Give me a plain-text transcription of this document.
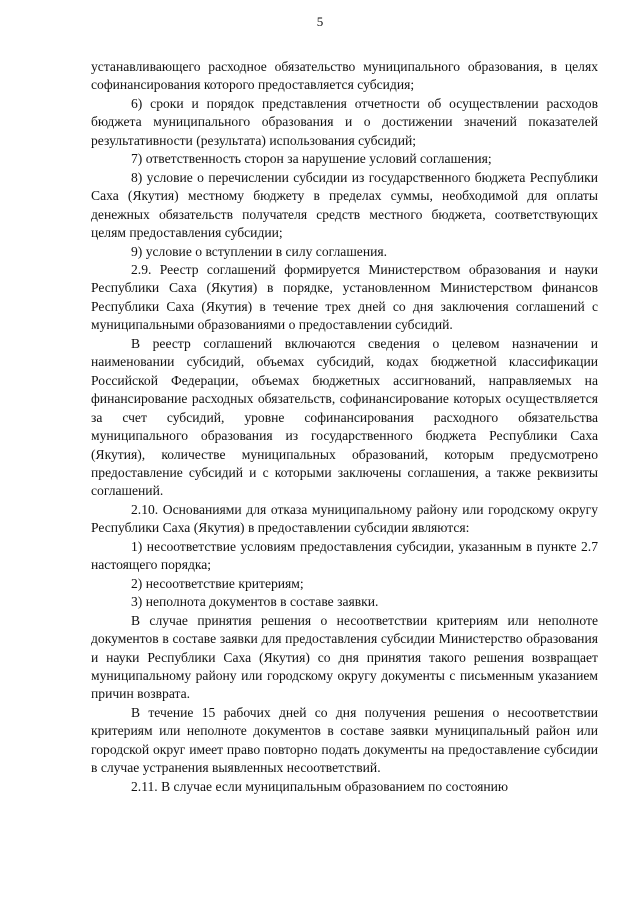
5

устанавливающего расходное обязательство муниципального образования, в целях софинансирования которого предоставляется субсидия;

6) сроки и порядок представления отчетности об осуществлении расходов бюджета муниципального образования и о достижении значений показателей результативности (результата) использования субсидий;

7) ответственность сторон за нарушение условий соглашения;

8) условие о перечислении субсидии из государственного бюджета Республики Саха (Якутия) местному бюджету в пределах суммы, необходимой для оплаты денежных обязательств получателя средств местного бюджета, соответствующих целям предоставления субсидии;

9) условие о вступлении в силу соглашения.

2.9. Реестр соглашений формируется Министерством образования и науки Республики Саха (Якутия) в порядке, установленном Министерством финансов Республики Саха (Якутия) в течение трех дней со дня заключения соглашений с муниципальными образованиями о предоставлении субсидий.

В реестр соглашений включаются сведения о целевом назначении и наименовании субсидий, объемах субсидий, кодах бюджетной классификации Российской Федерации, объемах бюджетных ассигнований, направляемых на финансирование расходных обязательств, софинансирование которых осуществляется за счет субсидий, уровне софинансирования расходного обязательства муниципального образования из государственного бюджета Республики Саха (Якутия), количестве муниципальных образований, которым предусмотрено предоставление субсидий и с которыми заключены соглашения, а также реквизиты соглашений.

2.10. Основаниями для отказа муниципальному району или городскому округу Республики Саха (Якутия) в предоставлении субсидии являются:

1) несоответствие условиям предоставления субсидии, указанным в пункте 2.7 настоящего порядка;

2) несоответствие критериям;

3) неполнота документов в составе заявки.

В случае принятия решения о несоответствии критериям или неполноте документов в составе заявки для предоставления субсидии Министерство образования и науки Республики Саха (Якутия) со дня принятия такого решения возвращает муниципальному району или городскому округу документы с письменным указанием причин возврата.

В течение 15 рабочих дней со дня получения решения о несоответствии критериям или неполноте документов в составе заявки муниципальный район или городской округ имеет право повторно подать документы на предоставление субсидии в случае устранения выявленных несоответствий.

2.11. В случае если муниципальным образованием по состоянию
